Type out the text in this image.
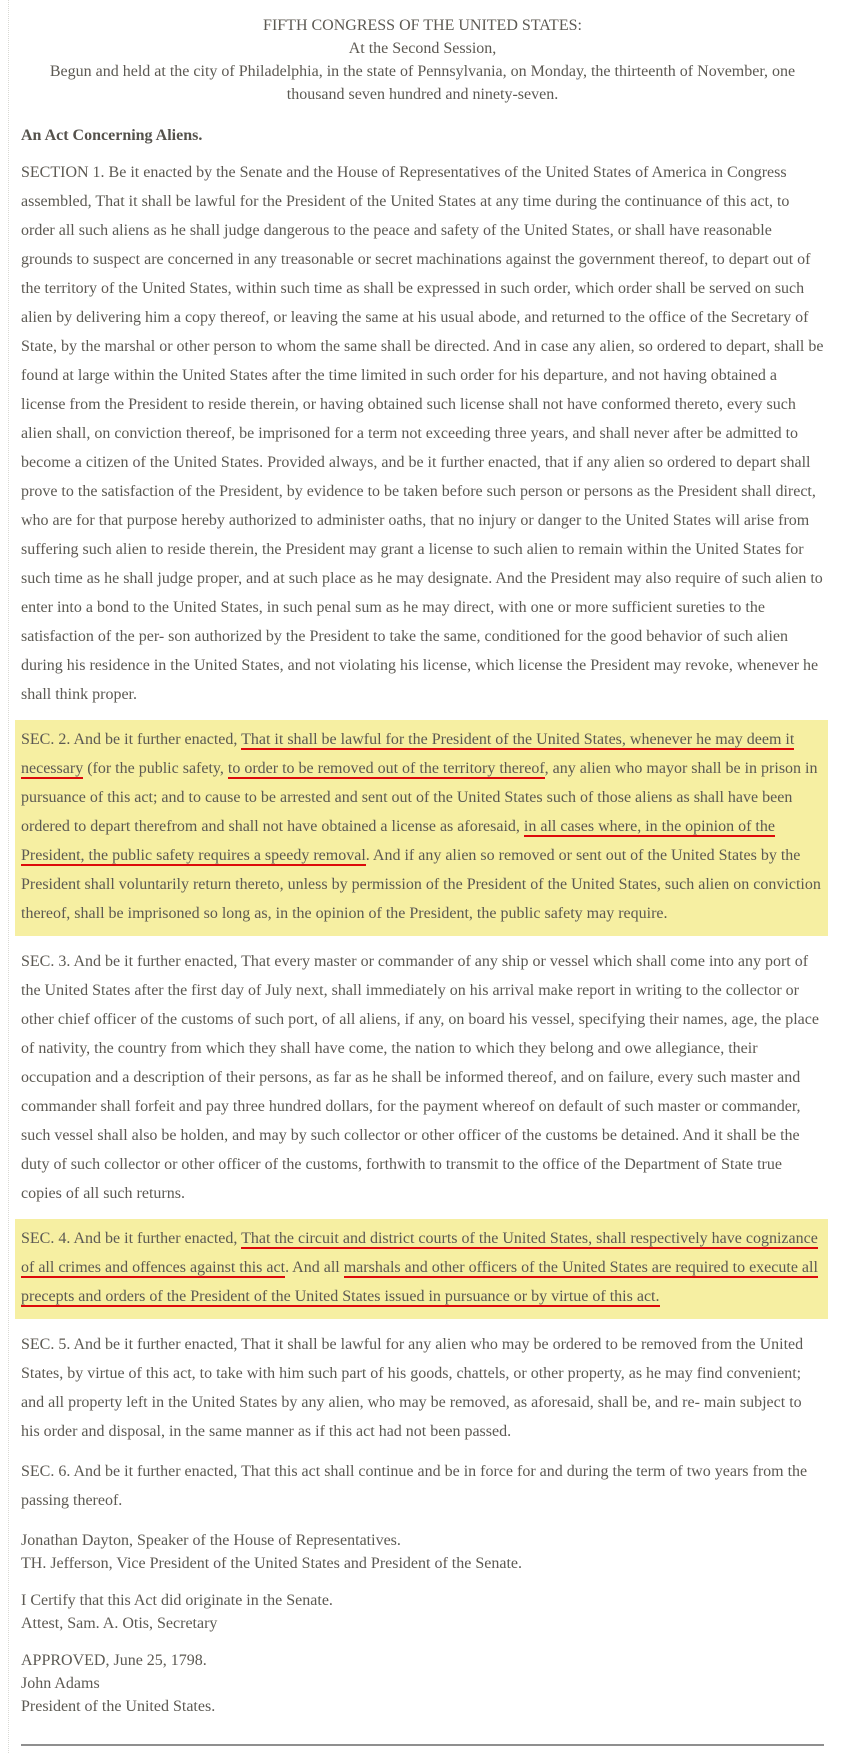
FIFTH CONGRESS OF THE UNITED STATES:
At the Second Session,
Begun and held at the city of Philadelphia, in the state of Pennsylvania, on Monday, the thirteenth of November, one thousand seven hundred and ninety-seven.
An Act Concerning Aliens.

SECTION 1. Be it enacted by the Senate and the House of Representatives of the United States of America in Congress assembled, That it shall be lawful for the President of the United States at any time during the continuance of this act, to order all such aliens as he shall judge dangerous to the peace and safety of the United States, or shall have reasonable grounds to suspect are concerned in any treasonable or secret machinations against the government thereof, to depart out of the territory of the United States, within such time as shall be expressed in such order, which order shall be served on such alien by delivering him a copy thereof, or leaving the same at his usual abode, and returned to the office of the Secretary of State, by the marshal or other person to whom the same shall be directed. And in case any alien, so ordered to depart, shall be found at large within the United States after the time limited in such order for his departure, and not having obtained a license from the President to reside therein, or having obtained such license shall not have conformed thereto, every such alien shall, on conviction thereof, be imprisoned for a term not exceeding three years, and shall never after be admitted to become a citizen of the United States. Provided always, and be it further enacted, that if any alien so ordered to depart shall prove to the satisfaction of the President, by evidence to be taken before such person or persons as the President shall direct, who are for that purpose hereby authorized to administer oaths, that no injury or danger to the United States will arise from suffering such alien to reside therein, the President may grant a license to such alien to remain within the United States for such time as he shall judge proper, and at such place as he may designate. And the President may also require of such alien to enter into a bond to the United States, in such penal sum as he may direct, with one or more sufficient sureties to the satisfaction of the per- son authorized by the President to take the same, conditioned for the good behavior of such alien during his residence in the United States, and not violating his license, which license the President may revoke, whenever he shall think proper.

SEC. 2. And be it further enacted, That it shall be lawful for the President of the United States, whenever he may deem it necessary (for the public safety, to order to be removed out of the territory thereof, any alien who mayor shall be in prison in pursuance of this act; and to cause to be arrested and sent out of the United States such of those aliens as shall have been ordered to depart therefrom and shall not have obtained a license as aforesaid, in all cases where, in the opinion of the President, the public safety requires a speedy removal. And if any alien so removed or sent out of the United States by the President shall voluntarily return thereto, unless by permission of the President of the United States, such alien on conviction thereof, shall be imprisoned so long as, in the opinion of the President, the public safety may require.

SEC. 3. And be it further enacted, That every master or commander of any ship or vessel which shall come into any port of the United States after the first day of July next, shall immediately on his arrival make report in writing to the collector or other chief officer of the customs of such port, of all aliens, if any, on board his vessel, specifying their names, age, the place of nativity, the country from which they shall have come, the nation to which they belong and owe allegiance, their occupation and a description of their persons, as far as he shall be informed thereof, and on failure, every such master and commander shall forfeit and pay three hundred dollars, for the payment whereof on default of such master or commander, such vessel shall also be holden, and may by such collector or other officer of the customs be detained. And it shall be the duty of such collector or other officer of the customs, forthwith to transmit to the office of the Department of State true copies of all such returns.

SEC. 4. And be it further enacted, That the circuit and district courts of the United States, shall respectively have cognizance of all crimes and offences against this act. And all marshals and other officers of the United States are required to execute all precepts and orders of the President of the United States issued in pursuance or by virtue of this act.

SEC. 5. And be it further enacted, That it shall be lawful for any alien who may be ordered to be removed from the United States, by virtue of this act, to take with him such part of his goods, chattels, or other property, as he may find convenient; and all property left in the United States by any alien, who may be removed, as aforesaid, shall be, and re- main subject to his order and disposal, in the same manner as if this act had not been passed.

SEC. 6. And be it further enacted, That this act shall continue and be in force for and during the term of two years from the passing thereof.

Jonathan Dayton, Speaker of the House of Representatives.
TH. Jefferson, Vice President of the United States and President of the Senate.

I Certify that this Act did originate in the Senate.
Attest, Sam. A. Otis, Secretary

APPROVED, June 25, 1798.
John Adams
President of the United States.
